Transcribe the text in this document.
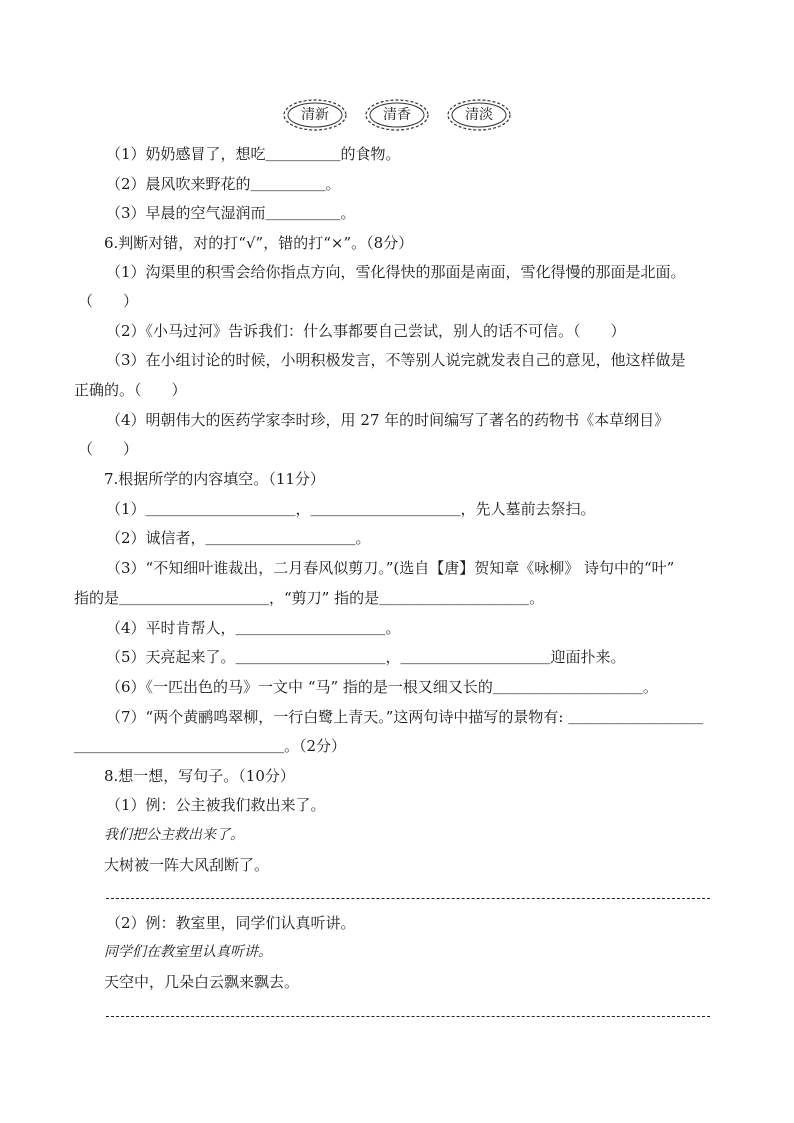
清新	清香	清淡
（1）奶奶感冒了，想吃＿＿＿＿＿的食物。
（2）晨风吹来野花的＿＿＿＿＿。
（3）早晨的空气湿润而＿＿＿＿＿。
6.判断对错，对的打“√”，错的打“×”。（8分）
（1）沟渠里的积雪会给你指点方向，雪化得快的那面是南面，雪化得慢的那面是北面。
（　　）
（2）《小马过河》告诉我们：什么事都要自己尝试，别人的话不可信。（　　）
（3）在小组讨论的时候，小明积极发言，不等别人说完就发表自己的意见，他这样做是
正确的。（　　）
（4）明朝伟大的医药学家李时珍，用 27 年的时间编写了著名的药物书《本草纲目》
（　　）
7.根据所学的内容填空。（11分）
（1）＿＿＿＿＿＿＿＿＿＿，＿＿＿＿＿＿＿＿＿＿，先人墓前去祭扫。
（2）诚信者，＿＿＿＿＿＿＿＿＿＿。
（3）“不知细叶谁裁出，二月春风似剪刀。”(选自【唐】贺知章《咏柳》 诗句中的“叶”
指的是＿＿＿＿＿＿＿＿＿＿，“剪刀” 指的是＿＿＿＿＿＿＿＿＿＿。
（4）平时肯帮人，＿＿＿＿＿＿＿＿＿＿。
（5）天亮起来了。＿＿＿＿＿＿＿＿＿＿，＿＿＿＿＿＿＿＿＿＿迎面扑来。
（6）《一匹出色的马》一文中 “马” 指的是一根又细又长的＿＿＿＿＿＿＿＿＿＿。
（7）“两个黄鹂鸣翠柳，一行白鹭上青天。”这两句诗中描写的景物有: ＿＿＿＿＿＿＿＿＿
＿＿＿＿＿＿＿＿＿＿＿＿＿＿。（2分）
8.想一想，写句子。（10分）
（1）例：公主被我们救出来了。
我们把公主救出来了。
大树被一阵大风刮断了。
（2）例：教室里，同学们认真听讲。
同学们在教室里认真听讲。
天空中，几朵白云飘来飘去。
